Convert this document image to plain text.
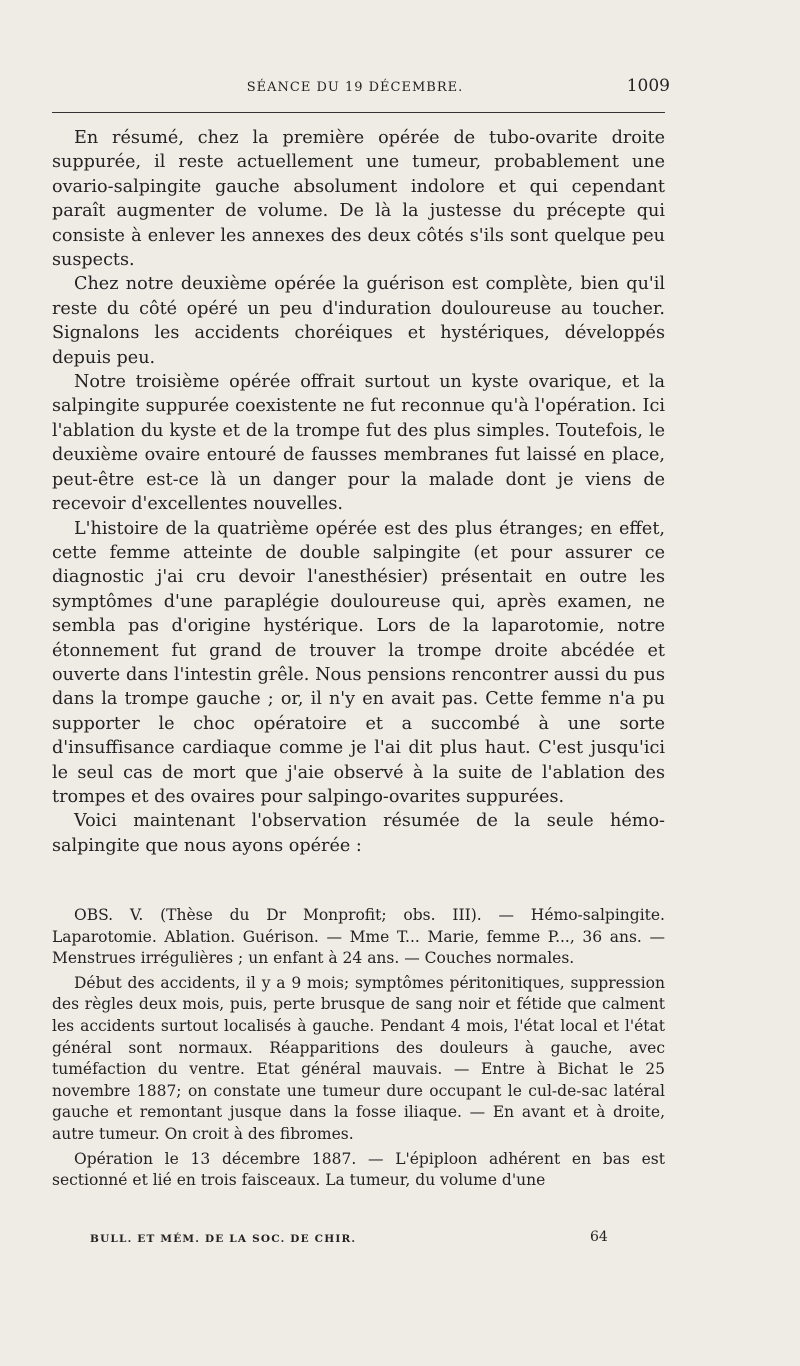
SÉANCE DU 19 DÉCEMBRE.	1009

En résumé, chez la première opérée de tubo-ovarite droite suppurée, il reste actuellement une tumeur, probablement une ovario-salpingite gauche absolument indolore et qui cependant paraît augmenter de volume. De là la justesse du précepte qui consiste à enlever les annexes des deux côtés s'ils sont quelque peu suspects.

Chez notre deuxième opérée la guérison est complète, bien qu'il reste du côté opéré un peu d'induration douloureuse au toucher. Signalons les accidents choréiques et hystériques, développés depuis peu.

Notre troisième opérée offrait surtout un kyste ovarique, et la salpingite suppurée coexistente ne fut reconnue qu'à l'opération. Ici l'ablation du kyste et de la trompe fut des plus simples. Toutefois, le deuxième ovaire entouré de fausses membranes fut laissé en place, peut-être est-ce là un danger pour la malade dont je viens de recevoir d'excellentes nouvelles.

L'histoire de la quatrième opérée est des plus étranges; en effet, cette femme atteinte de double salpingite (et pour assurer ce diagnostic j'ai cru devoir l'anesthésier) présentait en outre les symptômes d'une paraplégie douloureuse qui, après examen, ne sembla pas d'origine hystérique. Lors de la laparotomie, notre étonnement fut grand de trouver la trompe droite abcédée et ouverte dans l'intestin grêle. Nous pensions rencontrer aussi du pus dans la trompe gauche ; or, il n'y en avait pas. Cette femme n'a pu supporter le choc opératoire et a succombé à une sorte d'insuffisance cardiaque comme je l'ai dit plus haut. C'est jusqu'ici le seul cas de mort que j'aie observé à la suite de l'ablation des trompes et des ovaires pour salpingo-ovarites suppurées.

Voici maintenant l'observation résumée de la seule hémo-salpingite que nous ayons opérée :

OBS. V. (Thèse du Dr Monprofit; obs. III). — Hémo-salpingite. Laparotomie. Ablation. Guérison. — Mme T... Marie, femme P..., 36 ans. — Menstrues irrégulières ; un enfant à 24 ans. — Couches normales.

Début des accidents, il y a 9 mois; symptômes péritonitiques, suppression des règles deux mois, puis, perte brusque de sang noir et fétide que calment les accidents surtout localisés à gauche. Pendant 4 mois, l'état local et l'état général sont normaux. Réapparitions des douleurs à gauche, avec tuméfaction du ventre. Etat général mauvais. — Entre à Bichat le 25 novembre 1887; on constate une tumeur dure occupant le cul-de-sac latéral gauche et remontant jusque dans la fosse iliaque. — En avant et à droite, autre tumeur. On croit à des fibromes.

Opération le 13 décembre 1887. — L'épiploon adhérent en bas est sectionné et lié en trois faisceaux. La tumeur, du volume d'une

BULL. ET MÉM. DE LA SOC. DE CHIR.	64
